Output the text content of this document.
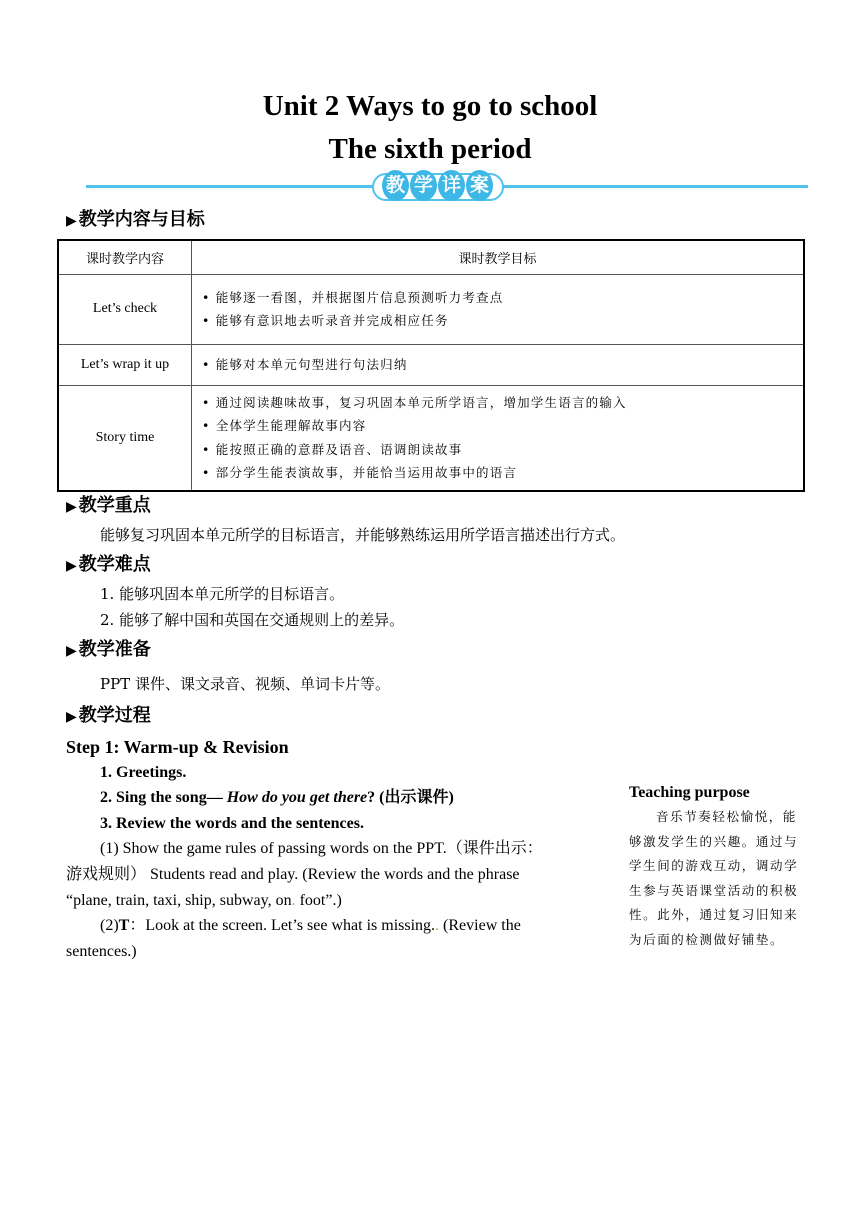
Unit 2 Ways to go to school
The sixth period
教 学 详 案
▶ 教学内容与目标
课时教学内容	课时教学目标
Let’s check	• 能够逐一看图，并根据图片信息预测听力考查点
• 能够有意识地去听录音并完成相应任务

Let’s wrap it up	• 能够对本单元句型进行句法归纳

Story time	• 通过阅读趣味故事，复习巩固本单元所学语言，增加学生语言的输入
• 全体学生能理解故事内容
• 能按照正确的意群及语音、语调朗读故事
• 部分学生能表演故事，并能恰当运用故事中的语言
▶ 教学重点
能够复习巩固本单元所学的目标语言，并能够熟练运用所学语言描述出行方式。
▶ 教学难点
1. 能够巩固本单元所学的目标语言。
2. 能够了解中国和英国在交通规则上的差异。
▶ 教学准备
PPT 课件、课文录音、视频、单词卡片等。
▶ 教学过程
Step 1: Warm-up & Revision
1. Greetings.
2. Sing the song— How do you get there? (出示课件)
3. Review the words and the sentences.
(1) Show the game rules of passing words on the PPT.（课件出示：
游戏规则） Students read and play. (Review the words and the phrase
“plane, train, taxi, ship, subway, on. foot”.)
(2)T：Look at the screen. Let’s see what is missing.. (Review the
sentences.)
Teaching purpose
音乐节奏轻松愉悦，能够激发学生的兴趣。通过与学生间的游戏互动，调动学生参与英语课堂活动的积极性。此外，通过复习旧知来为后面的检测做好铺垫。
